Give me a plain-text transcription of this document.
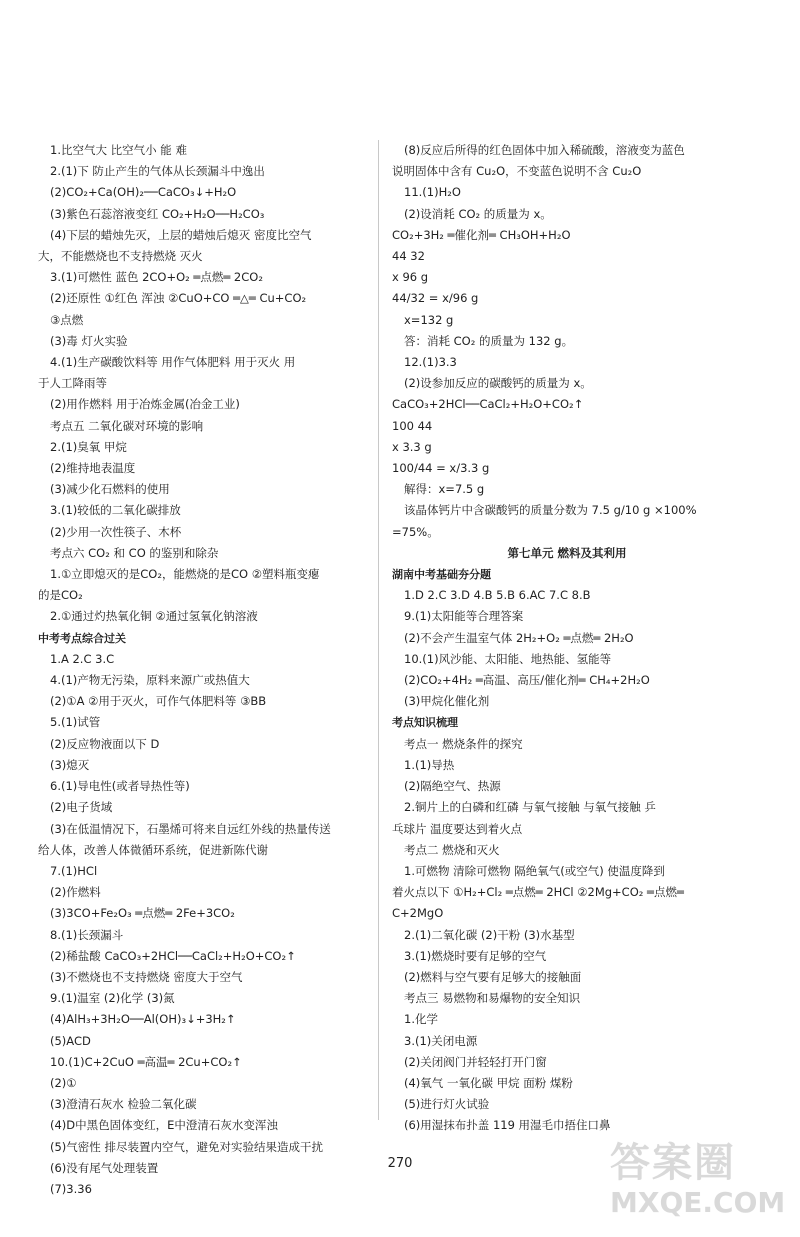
1.比空气大 比空气小 能 难
2.(1)下 防止产生的气体从长颈漏斗中逸出
(2)CO₂+Ca(OH)₂──CaCO₃↓+H₂O
(3)紫色石蕊溶液变红 CO₂+H₂O──H₂CO₃
(4)下层的蜡烛先灭，上层的蜡烛后熄灭 密度比空气
大，不能燃烧也不支持燃烧 灭火
3.(1)可燃性 蓝色 2CO+O₂ ═点燃═ 2CO₂
(2)还原性 ①红色 浑浊 ②CuO+CO ═△═ Cu+CO₂
③点燃
(3)毒 灯火实验
4.(1)生产碳酸饮料等 用作气体肥料 用于灭火 用
于人工降雨等
(2)用作燃料 用于冶炼金属(冶金工业)
考点五 二氧化碳对环境的影响
2.(1)臭氧 甲烷
(2)维持地表温度
(3)减少化石燃料的使用
3.(1)较低的二氧化碳排放
(2)少用一次性筷子、木杯
考点六 CO₂ 和 CO 的鉴别和除杂
1.①立即熄灭的是CO₂，能燃烧的是CO ②塑料瓶变瘪
的是CO₂
2.①通过灼热氧化铜 ②通过氢氧化钠溶液
中考考点综合过关
1.A 2.C 3.C
4.(1)产物无污染，原料来源广或热值大
(2)①A ②用于灭火，可作气体肥料等 ③BB
5.(1)试管
(2)反应物液面以下 D
(3)熄灭
6.(1)导电性(或者导热性等)
(2)电子货域
(3)在低温情况下，石墨烯可将来自远红外线的热量传送
给人体，改善人体微循环系统，促进新陈代谢
7.(1)HCl
(2)作燃料
(3)3CO+Fe₂O₃ ═点燃═ 2Fe+3CO₂
8.(1)长颈漏斗
(2)稀盐酸 CaCO₃+2HCl──CaCl₂+H₂O+CO₂↑
(3)不燃烧也不支持燃烧 密度大于空气
9.(1)温室 (2)化学 (3)氮
(4)AlH₃+3H₂O──Al(OH)₃↓+3H₂↑
(5)ACD
10.(1)C+2CuO ═高温═ 2Cu+CO₂↑
(2)①
(3)澄清石灰水 检验二氧化碳
(4)D中黑色固体变红，E中澄清石灰水变浑浊
(5)气密性 排尽装置内空气，避免对实验结果造成干扰
(6)没有尾气处理装置
(7)3.36
(8)反应后所得的红色固体中加入稀硫酸，溶液变为蓝色
说明固体中含有 Cu₂O，不变蓝色说明不含 Cu₂O
11.(1)H₂O
(2)设消耗 CO₂ 的质量为 x。
CO₂+3H₂ ═催化剂═ CH₃OH+H₂O
44 32
x 96 g
44/32 = x/96 g
x=132 g
答：消耗 CO₂ 的质量为 132 g。
12.(1)3.3
(2)设参加反应的碳酸钙的质量为 x。
CaCO₃+2HCl──CaCl₂+H₂O+CO₂↑
100 44
x 3.3 g
100/44 = x/3.3 g
解得：x=7.5 g
该晶体钙片中含碳酸钙的质量分数为 7.5 g/10 g ×100%
=75%。
第七单元 燃料及其利用
湖南中考基础夯分题
1.D 2.C 3.D 4.B 5.B 6.AC 7.C 8.B
9.(1)太阳能等合理答案
(2)不会产生温室气体 2H₂+O₂ ═点燃═ 2H₂O
10.(1)风沙能、太阳能、地热能、氢能等
(2)CO₂+4H₂ ═高温、高压/催化剂═ CH₄+2H₂O
(3)甲烷化催化剂
考点知识梳理
考点一 燃烧条件的探究
1.(1)导热
(2)隔绝空气、热源
2.铜片上的白磷和红磷 与氧气接触 与氧气接触 乒
乓球片 温度要达到着火点
考点二 燃烧和灭火
1.可燃物 清除可燃物 隔绝氧气(或空气) 使温度降到
着火点以下 ①H₂+Cl₂ ═点燃═ 2HCl ②2Mg+CO₂ ═点燃═
C+2MgO
2.(1)二氧化碳 (2)干粉 (3)水基型
3.(1)燃烧时要有足够的空气
(2)燃料与空气要有足够大的接触面
考点三 易燃物和易爆物的安全知识
1.化学
3.(1)关闭电源
(2)关闭阀门并轻轻打开门窗
(4)氧气 一氧化碳 甲烷 面粉 煤粉
(5)进行灯火试验
(6)用湿抹布扑盖 119 用湿毛巾捂住口鼻
270	答案圈
MXQE.COM
